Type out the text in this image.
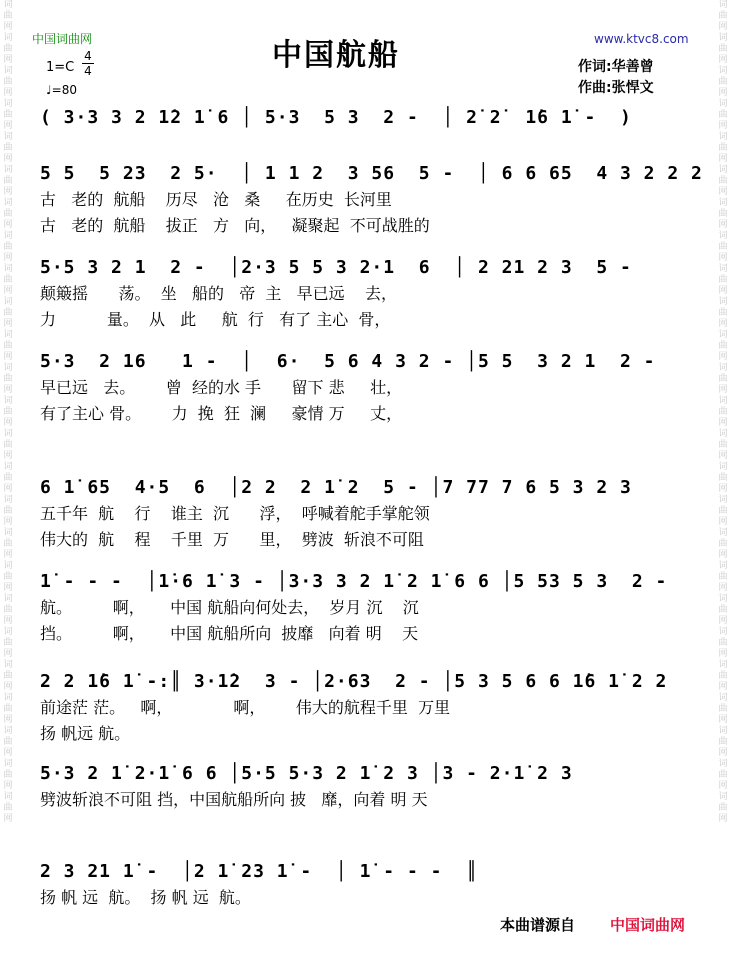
词曲网词曲网词曲网词曲网词曲网词曲网词曲网词曲网词曲网词曲网词曲网词曲网词曲网词曲网词曲网词曲网词曲网词曲网词曲网词曲网词曲网词曲网词曲网词曲网词曲网
词曲网词曲网词曲网词曲网词曲网词曲网词曲网词曲网词曲网词曲网词曲网词曲网词曲网词曲网词曲网词曲网词曲网词曲网词曲网词曲网词曲网词曲网词曲网词曲网词曲网
中国词曲网	www.ktvc8.com
中国航船
1=C
4
4
♩=80
作词:华善曾
作曲:张悍文
( 3·3 3 2 1̇2 1̇ 6 │ 5·3  5 3  2 -  │ 2̇ 2̇  1̇6 1̇ -  )
5 5  5 23  2 5·  │ 1 1 2  3 56  5 -  │ 6 6 65  4 3 2 2 2
古   老的  航船    历尽   沧   桑     在历史  长河里
古   老的  航船    拔正   方   向，   凝聚起  不可战胜的
5·5 3 2 1  2 -  │2·3 5 5 3 2·1  6  │ 2 21 2 3  5 -
颠簸摇      荡。  坐   船的   帝  主   早已远    去，
力          量。  从   此     航  行   有了 主心  骨，
5·3  2 16   1 -  │  6·  5 6 4 3 2 - │5 5  3 2 1  2 -
早已远   去。      曾  经的水 手      留下 悲     壮，
有了主心 骨。      力  挽  狂  澜     豪情 万     丈，
6 1̇ 65  4·5  6  │2 2  2 1̇ 2  5 - │7 77 7 6 5 3 2 3
五千年  航    行    谁主  沉      浮，  呼喊着舵手掌舵领
伟大的  航    程    千里  万      里，  劈波  斩浪不可阻
1̇ - - -  │1̇·6 1̇ 3 - │3·3 3 2 1̇ 2 1̇ 6 6 │5 53 5 3  2 -
航。        啊，     中国 航船向何处去，  岁月 沉    沉
挡。        啊，     中国 航船所向  披靡   向着 明    天
2 2 1̇6 1̇ -:║ 3·1̇2  3 - │2·63  2 - │5 3 5 6 6 1̇6 1̇ 2 2
前途茫 茫。   啊，            啊，      伟大的航程千里  万里
扬 帆远 航。
5·3 2 1̇ 2·1̇ 6 6 │5·5 5·3 2 1̇ 2 3 │3 - 2·1̇ 2 3
劈波斩浪不可阻 挡，中国航船所向 披   靡，向着 明 天
2 3 21 1̇ -  │2 1̇ 23 1̇ -  │ 1̇ - - -  ║
扬 帆 远  航。  扬 帆 远  航。
本曲谱源自 中国词曲网
